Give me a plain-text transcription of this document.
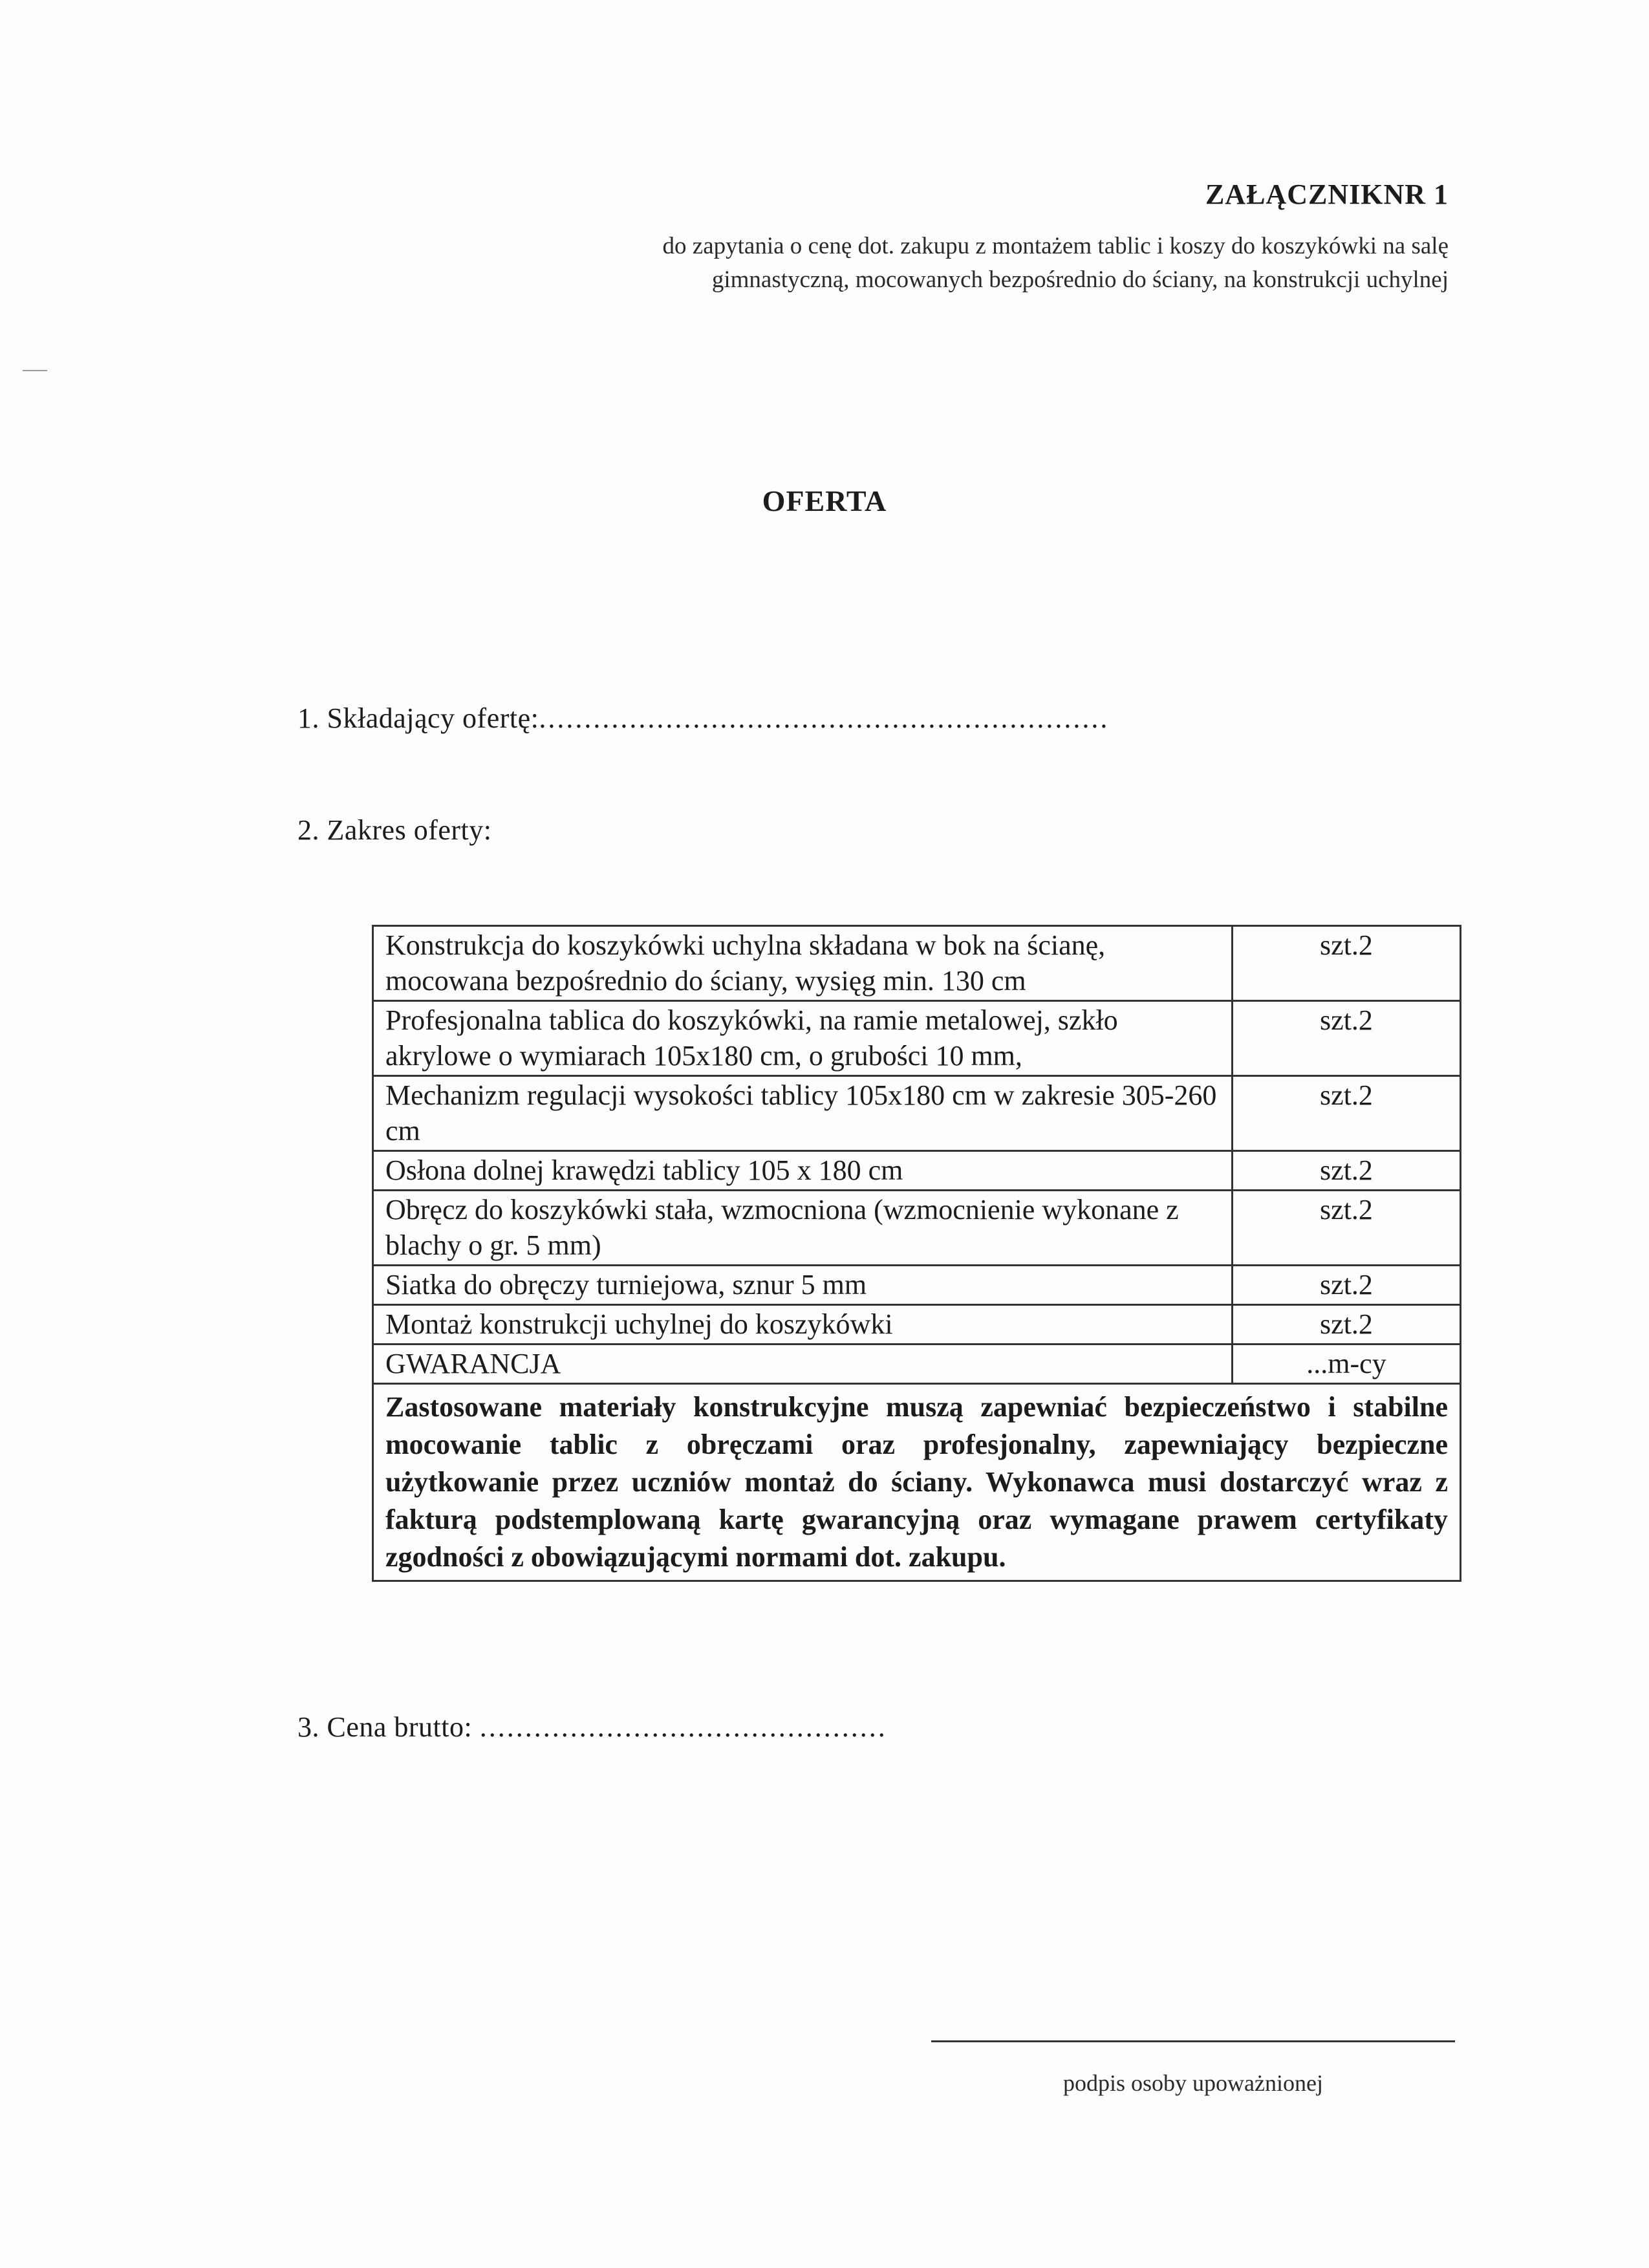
ZAŁĄCZNIKNR 1
do zapytania o cenę dot. zakupu z montażem tablic i koszy do koszykówki na salę
gimnastyczną, mocowanych bezpośrednio do ściany, na konstrukcji uchylnej
OFERTA
1. Składający ofertę:...............................................................
2. Zakres oferty:
Konstrukcja do koszykówki uchylna składana w bok na ścianę, mocowana bezpośrednio do ściany, wysięg min. 130 cm	szt.2
Profesjonalna tablica do koszykówki, na ramie metalowej, szkło akrylowe o wymiarach 105x180 cm, o grubości 10 mm,	szt.2
Mechanizm regulacji wysokości tablicy 105x180 cm w zakresie 305-260 cm	szt.2
Osłona dolnej krawędzi tablicy 105 x 180 cm	szt.2
Obręcz do koszykówki stała, wzmocniona (wzmocnienie wykonane z blachy o gr. 5 mm)	szt.2
Siatka do obręczy turniejowa, sznur 5 mm	szt.2
Montaż konstrukcji uchylnej do koszykówki	szt.2
GWARANCJA	...m-cy
Zastosowane materiały konstrukcyjne muszą zapewniać bezpieczeństwo i stabilne mocowanie tablic z obręczami oraz profesjonalny, zapewniający bezpieczne użytkowanie przez uczniów montaż do ściany. Wykonawca musi dostarczyć wraz z fakturą podstemplowaną kartę gwarancyjną oraz wymagane prawem certyfikaty zgodności z obowiązującymi normami dot. zakupu.	
3. Cena brutto: .............................................
podpis osoby upoważnionej
